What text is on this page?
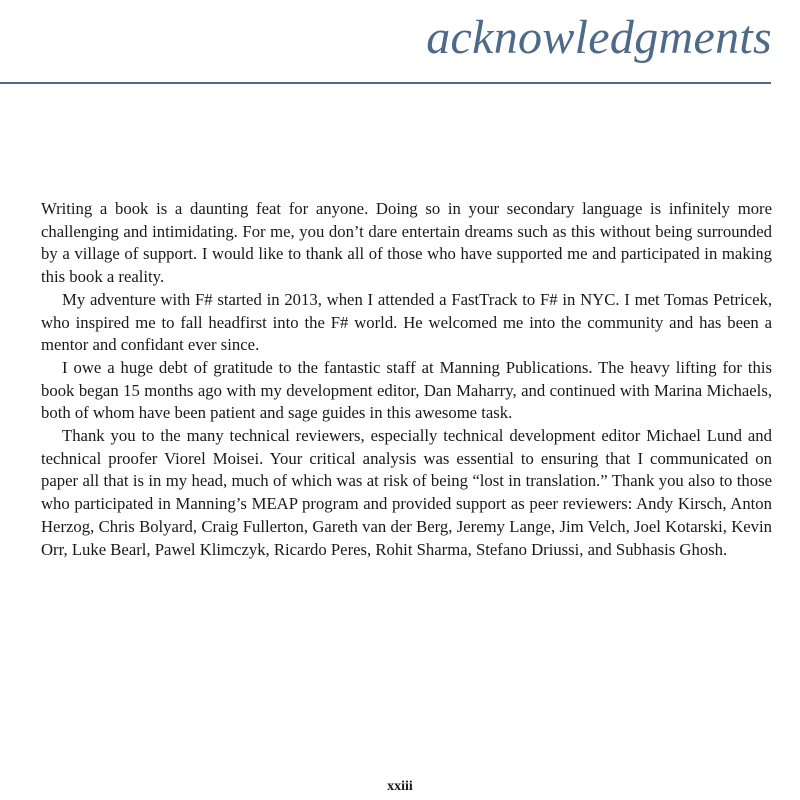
acknowledgments

Writing a book is a daunting feat for anyone. Doing so in your secondary language is infinitely more challenging and intimidating. For me, you don’t dare entertain dreams such as this without being surrounded by a village of support. I would like to thank all of those who have supported me and participated in making this book a reality.

My adventure with F# started in 2013, when I attended a FastTrack to F# in NYC. I met Tomas Petricek, who inspired me to fall headfirst into the F# world. He welcomed me into the community and has been a mentor and confidant ever since.

I owe a huge debt of gratitude to the fantastic staff at Manning Publications. The heavy lifting for this book began 15 months ago with my development editor, Dan Maharry, and continued with Marina Michaels, both of whom have been patient and sage guides in this awesome task.

Thank you to the many technical reviewers, especially technical development editor Michael Lund and technical proofer Viorel Moisei. Your critical analysis was essential to ensuring that I communicated on paper all that is in my head, much of which was at risk of being “lost in translation.” Thank you also to those who participated in Manning’s MEAP program and provided support as peer reviewers: Andy Kirsch, Anton Herzog, Chris Bolyard, Craig Fullerton, Gareth van der Berg, Jeremy Lange, Jim Velch, Joel Kotarski, Kevin Orr, Luke Bearl, Pawel Klimczyk, Ricardo Peres, Rohit Sharma, Stefano Driussi, and Subhasis Ghosh.

xxiii
